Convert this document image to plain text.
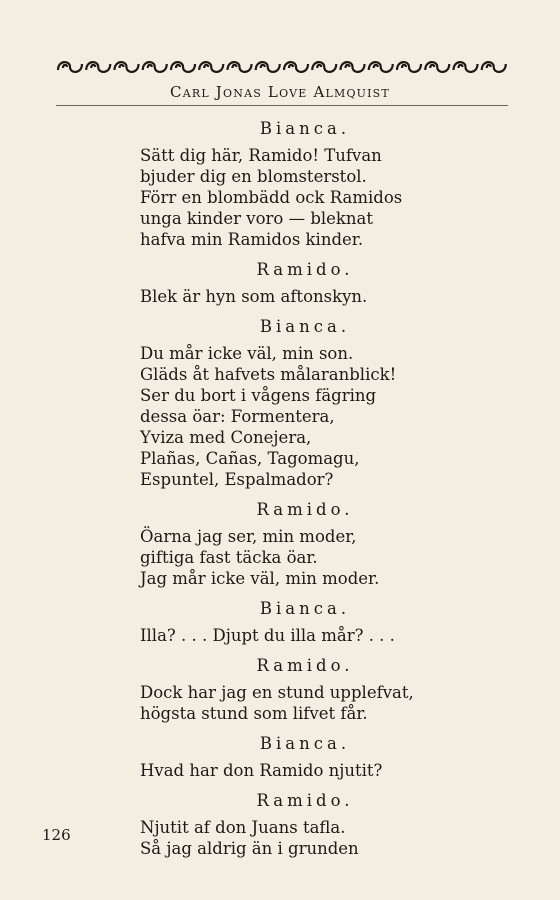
Carl Jonas Love Almquist
Bianca.
Sätt dig här, Ramido! Tufvan
bjuder dig en blomsterstol.
Förr en blombädd ock Ramidos
unga kinder voro — bleknat
hafva min Ramidos kinder.
Ramido.
Blek är hyn som aftonskyn.
Bianca.
Du mår icke väl, min son.
Gläds åt hafvets målaranblick!
Ser du bort i vågens fägring
dessa öar: Formentera,
Yviza med Conejera,
Plañas, Cañas, Tagomagu,
Espuntel, Espalmador?
Ramido.
Öarna jag ser, min moder,
giftiga fast täcka öar.
Jag mår icke väl, min moder.
Bianca.
Illa? . . . Djupt du illa mår? . . .
Ramido.
Dock har jag en stund upplefvat,
högsta stund som lifvet får.
Bianca.
Hvad har don Ramido njutit?
Ramido.
Njutit af don Juans tafla.
Så jag aldrig än i grunden
126
